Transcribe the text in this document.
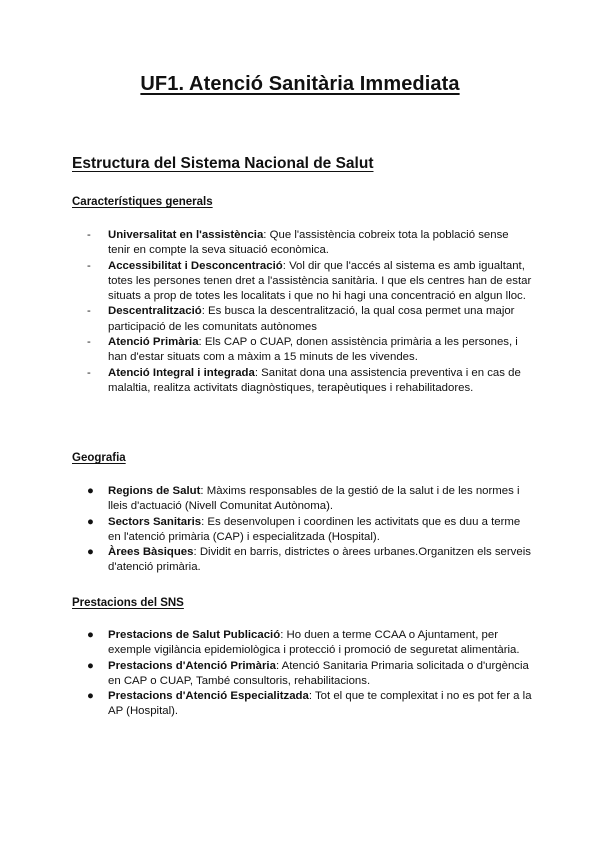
UF1. Atenció Sanitària Immediata
Estructura del Sistema Nacional de Salut
Característiques generals
-	Universalitat en l'assistència: Que l'assistència cobreix tota la població sense tenir en compte la seva situació econòmica.
-	Accessibilitat i Desconcentració: Vol dir que l'accés al sistema es amb igualtant, totes les persones tenen dret a l'assistència sanitària. I que els centres han de estar situats a prop de totes les localitats i que no hi hagi una concentració en algun lloc.
-	Descentralització: Es busca la descentralització, la qual cosa permet una major participació de les comunitats autònomes
-	Atenció Primària: Els CAP o CUAP, donen assistència primària a les persones, i han d'estar situats com a màxim a 15 minuts de les vivendes.
-	Atenció Integral i integrada: Sanitat dona una assistencia preventiva i en cas de malaltia, realitza activitats diagnòstiques, terapèutiques i rehabilitadores.
Geografia
●	Regions de Salut: Màxims responsables de la gestió de la salut i de les normes i lleis d'actuació (Nivell Comunitat Autònoma).
●	Sectors Sanitaris: Es desenvolupen i coordinen les activitats que es duu a terme en l'atenció primària (CAP) i especialitzada (Hospital).
●	Àrees Bàsiques: Dividit en barris, districtes o àrees urbanes.Organitzen els serveis d'atenció primària.
Prestacions del SNS
●	Prestacions de Salut Publicació: Ho duen a terme CCAA o Ajuntament, per exemple vigilància epidemiològica i protecció i promoció de seguretat alimentària.
●	Prestacions d'Atenció Primària: Atenció Sanitaria Primaria solicitada o d'urgència en CAP o CUAP, També consultoris, rehabilitacions.
●	Prestacions d'Atenció Especialitzada: Tot el que te complexitat i no es pot fer a la AP (Hospital).
